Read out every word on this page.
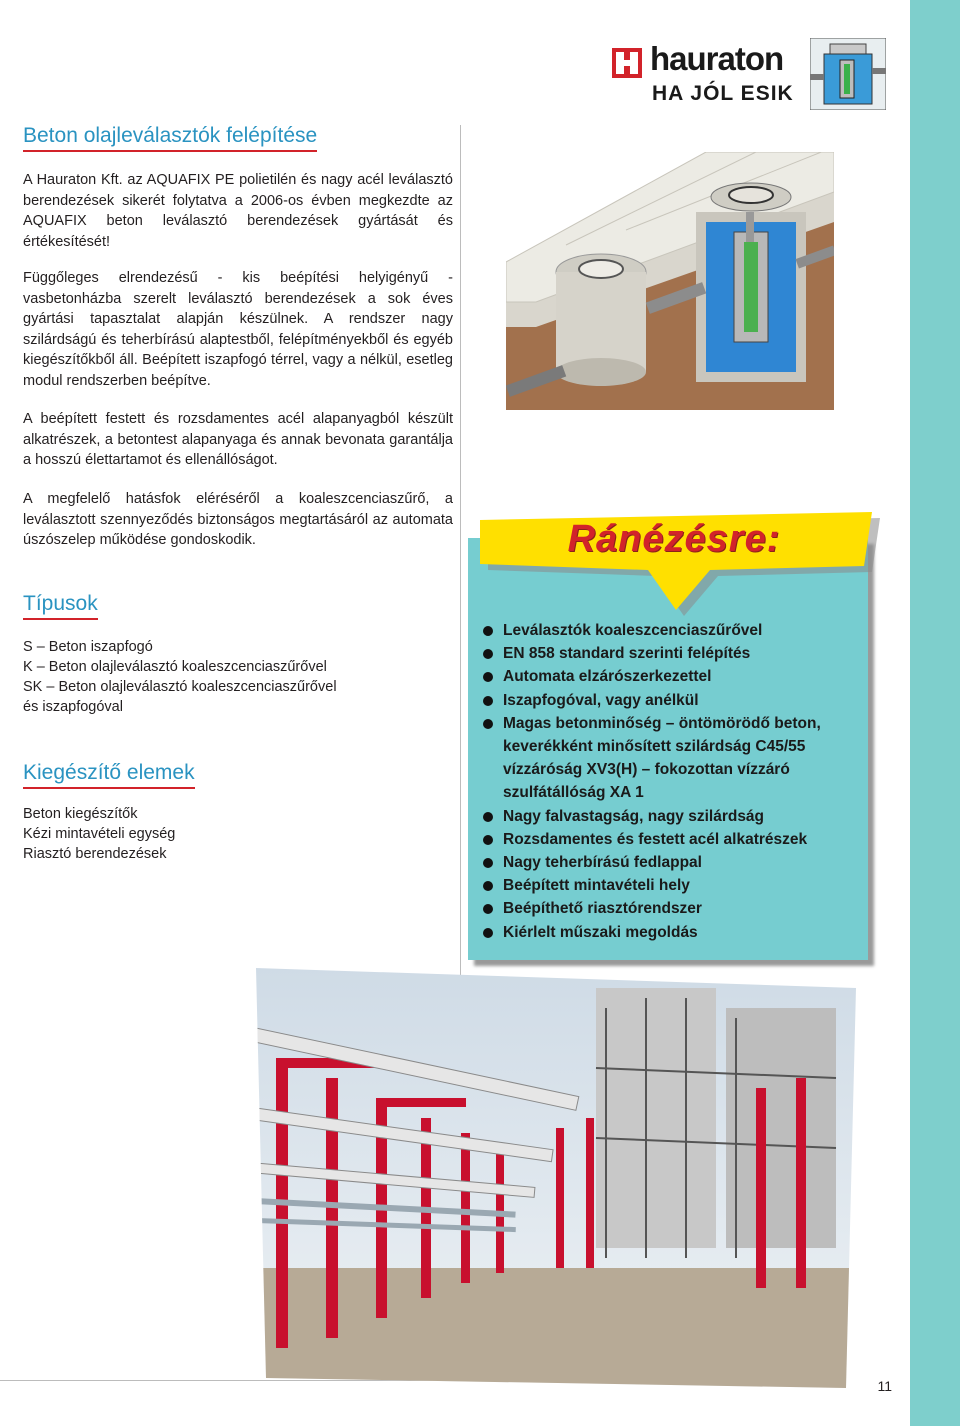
hauraton
HA JÓL ESIK
Beton olajleválasztók felépítése

A Hauraton Kft. az AQUAFIX PE polietilén és nagy acél leválasztó berendezések sikerét folytatva a 2006-os évben megkezdte az AQUAFIX beton leválasztó berendezések gyártását és értékesítését!

Függőleges elrendezésű - kis beépítési helyigényű - vasbetonházba szerelt leválasztó berendezések a sok éves gyártási tapasztalat alapján készülnek. A rendszer nagy szilárdságú és teherbírású alaptestből, felépítményekből és egyéb kiegészítőkből áll. Beépített iszapfogó térrel, vagy a nélkül, esetleg modul rendszerben beépítve.

A beépített festett és rozsdamentes acél alapanyagból készült alkatrészek, a betontest alapanyaga és annak bevonata garantálja a hosszú élettartamot és ellenállóságot.

A megfelelő hatásfok eléréséről a koaleszcenciaszűrő, a leválasztott szennyeződés biztonságos megtartásáról az automata úszószelep működése gondoskodik.

Típusok
S – Beton iszapfogó
K – Beton olajleválasztó koaleszcenciaszűrővel
SK – Beton olajleválasztó koaleszcenciaszűrővel
és iszapfogóval
Kiegészítő elemek
Beton kiegészítők
Kézi mintavételi egység
Riasztó berendezések
Ránézésre:
Leválasztók koaleszcenciaszűrővel
EN 858 standard szerinti felépítés
Automata elzárószerkezettel
Iszapfogóval, vagy anélkül
Magas betonminőség – öntömörödő beton,
keverékként minősített szilárdság C45/55
vízzáróság XV3(H) – fokozottan vízzáró
szulfátállóság XA 1
Nagy falvastagság, nagy szilárdság
Rozsdamentes és festett acél alkatrészek
Nagy teherbírású fedlappal
Beépített mintavételi hely
Beépíthető riasztórendszer
Kiérlelt műszaki megoldás
11
